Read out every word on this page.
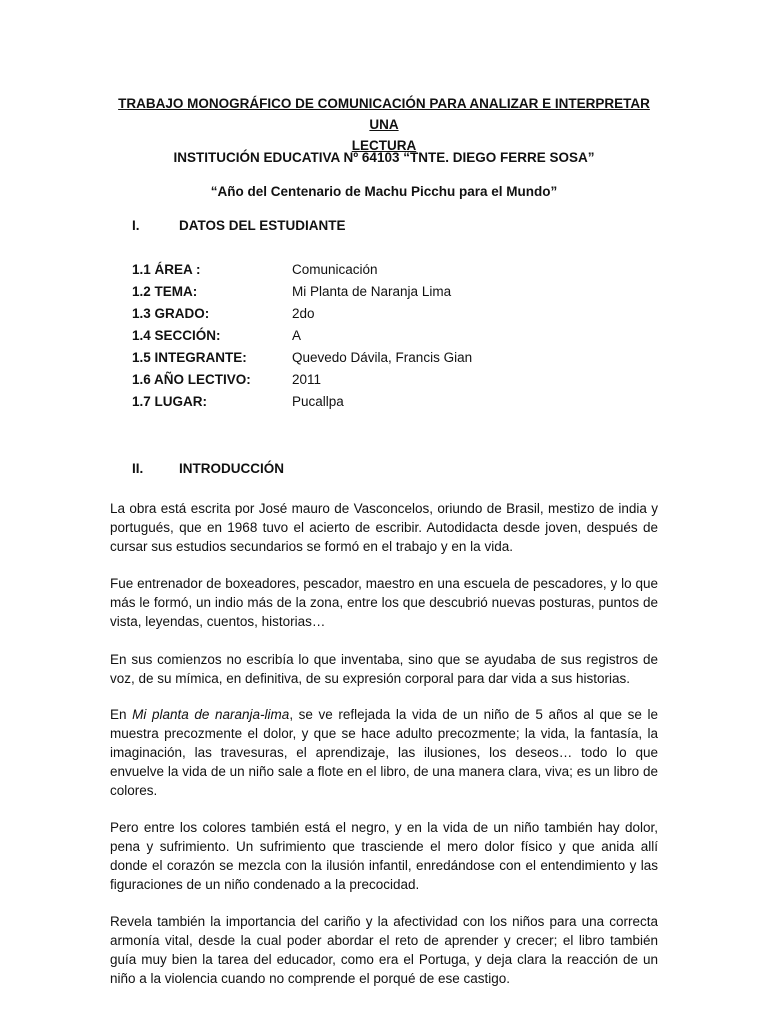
TRABAJO MONOGRÁFICO DE COMUNICACIÓN PARA ANALIZAR E INTERPRETAR UNA
LECTURA
INSTITUCIÓN EDUCATIVA Nº 64103 “TNTE. DIEGO FERRE SOSA”
“Año del Centenario de Machu Picchu para el Mundo”
I.	DATOS DEL ESTUDIANTE
1.1 ÁREA :	Comunicación
1.2 TEMA:	Mi Planta de Naranja Lima
1.3 GRADO:	2do
1.4 SECCIÓN:	A
1.5 INTEGRANTE:	Quevedo Dávila, Francis Gian
1.6 AÑO LECTIVO:	2011
1.7 LUGAR:	Pucallpa
II.	INTRODUCCIÓN

La obra está escrita por José mauro de Vasconcelos, oriundo de Brasil, mestizo de india y portugués, que en 1968 tuvo el acierto de escribir. Autodidacta desde joven, después de cursar sus estudios secundarios se formó en el trabajo y en la vida.

Fue entrenador de boxeadores, pescador, maestro en una escuela de pescadores, y lo que más le formó, un indio más de la zona, entre los que descubrió nuevas posturas, puntos de vista, leyendas, cuentos, historias…

En sus comienzos no escribía lo que inventaba, sino que se ayudaba de sus registros de voz, de su mímica, en definitiva, de su expresión corporal para dar vida a sus historias.

En Mi planta de naranja-lima, se ve reflejada la vida de un niño de 5 años al que se le muestra precozmente el dolor, y que se hace adulto precozmente; la vida, la fantasía, la imaginación, las travesuras, el aprendizaje, las ilusiones, los deseos… todo lo que envuelve la vida de un niño sale a flote en el libro, de una manera clara, viva; es un libro de colores.

Pero entre los colores también está el negro, y en la vida de un niño también hay dolor, pena y sufrimiento. Un sufrimiento que trasciende el mero dolor físico y que anida allí donde el corazón se mezcla con la ilusión infantil, enredándose con el entendimiento y las figuraciones de un niño condenado a la precocidad.

Revela también la importancia del cariño y la afectividad con los niños para una correcta armonía vital, desde la cual poder abordar el reto de aprender y crecer; el libro también guía muy bien la tarea del educador, como era el Portuga, y deja clara la reacción de un niño a la violencia cuando no comprende el porqué de ese castigo.
